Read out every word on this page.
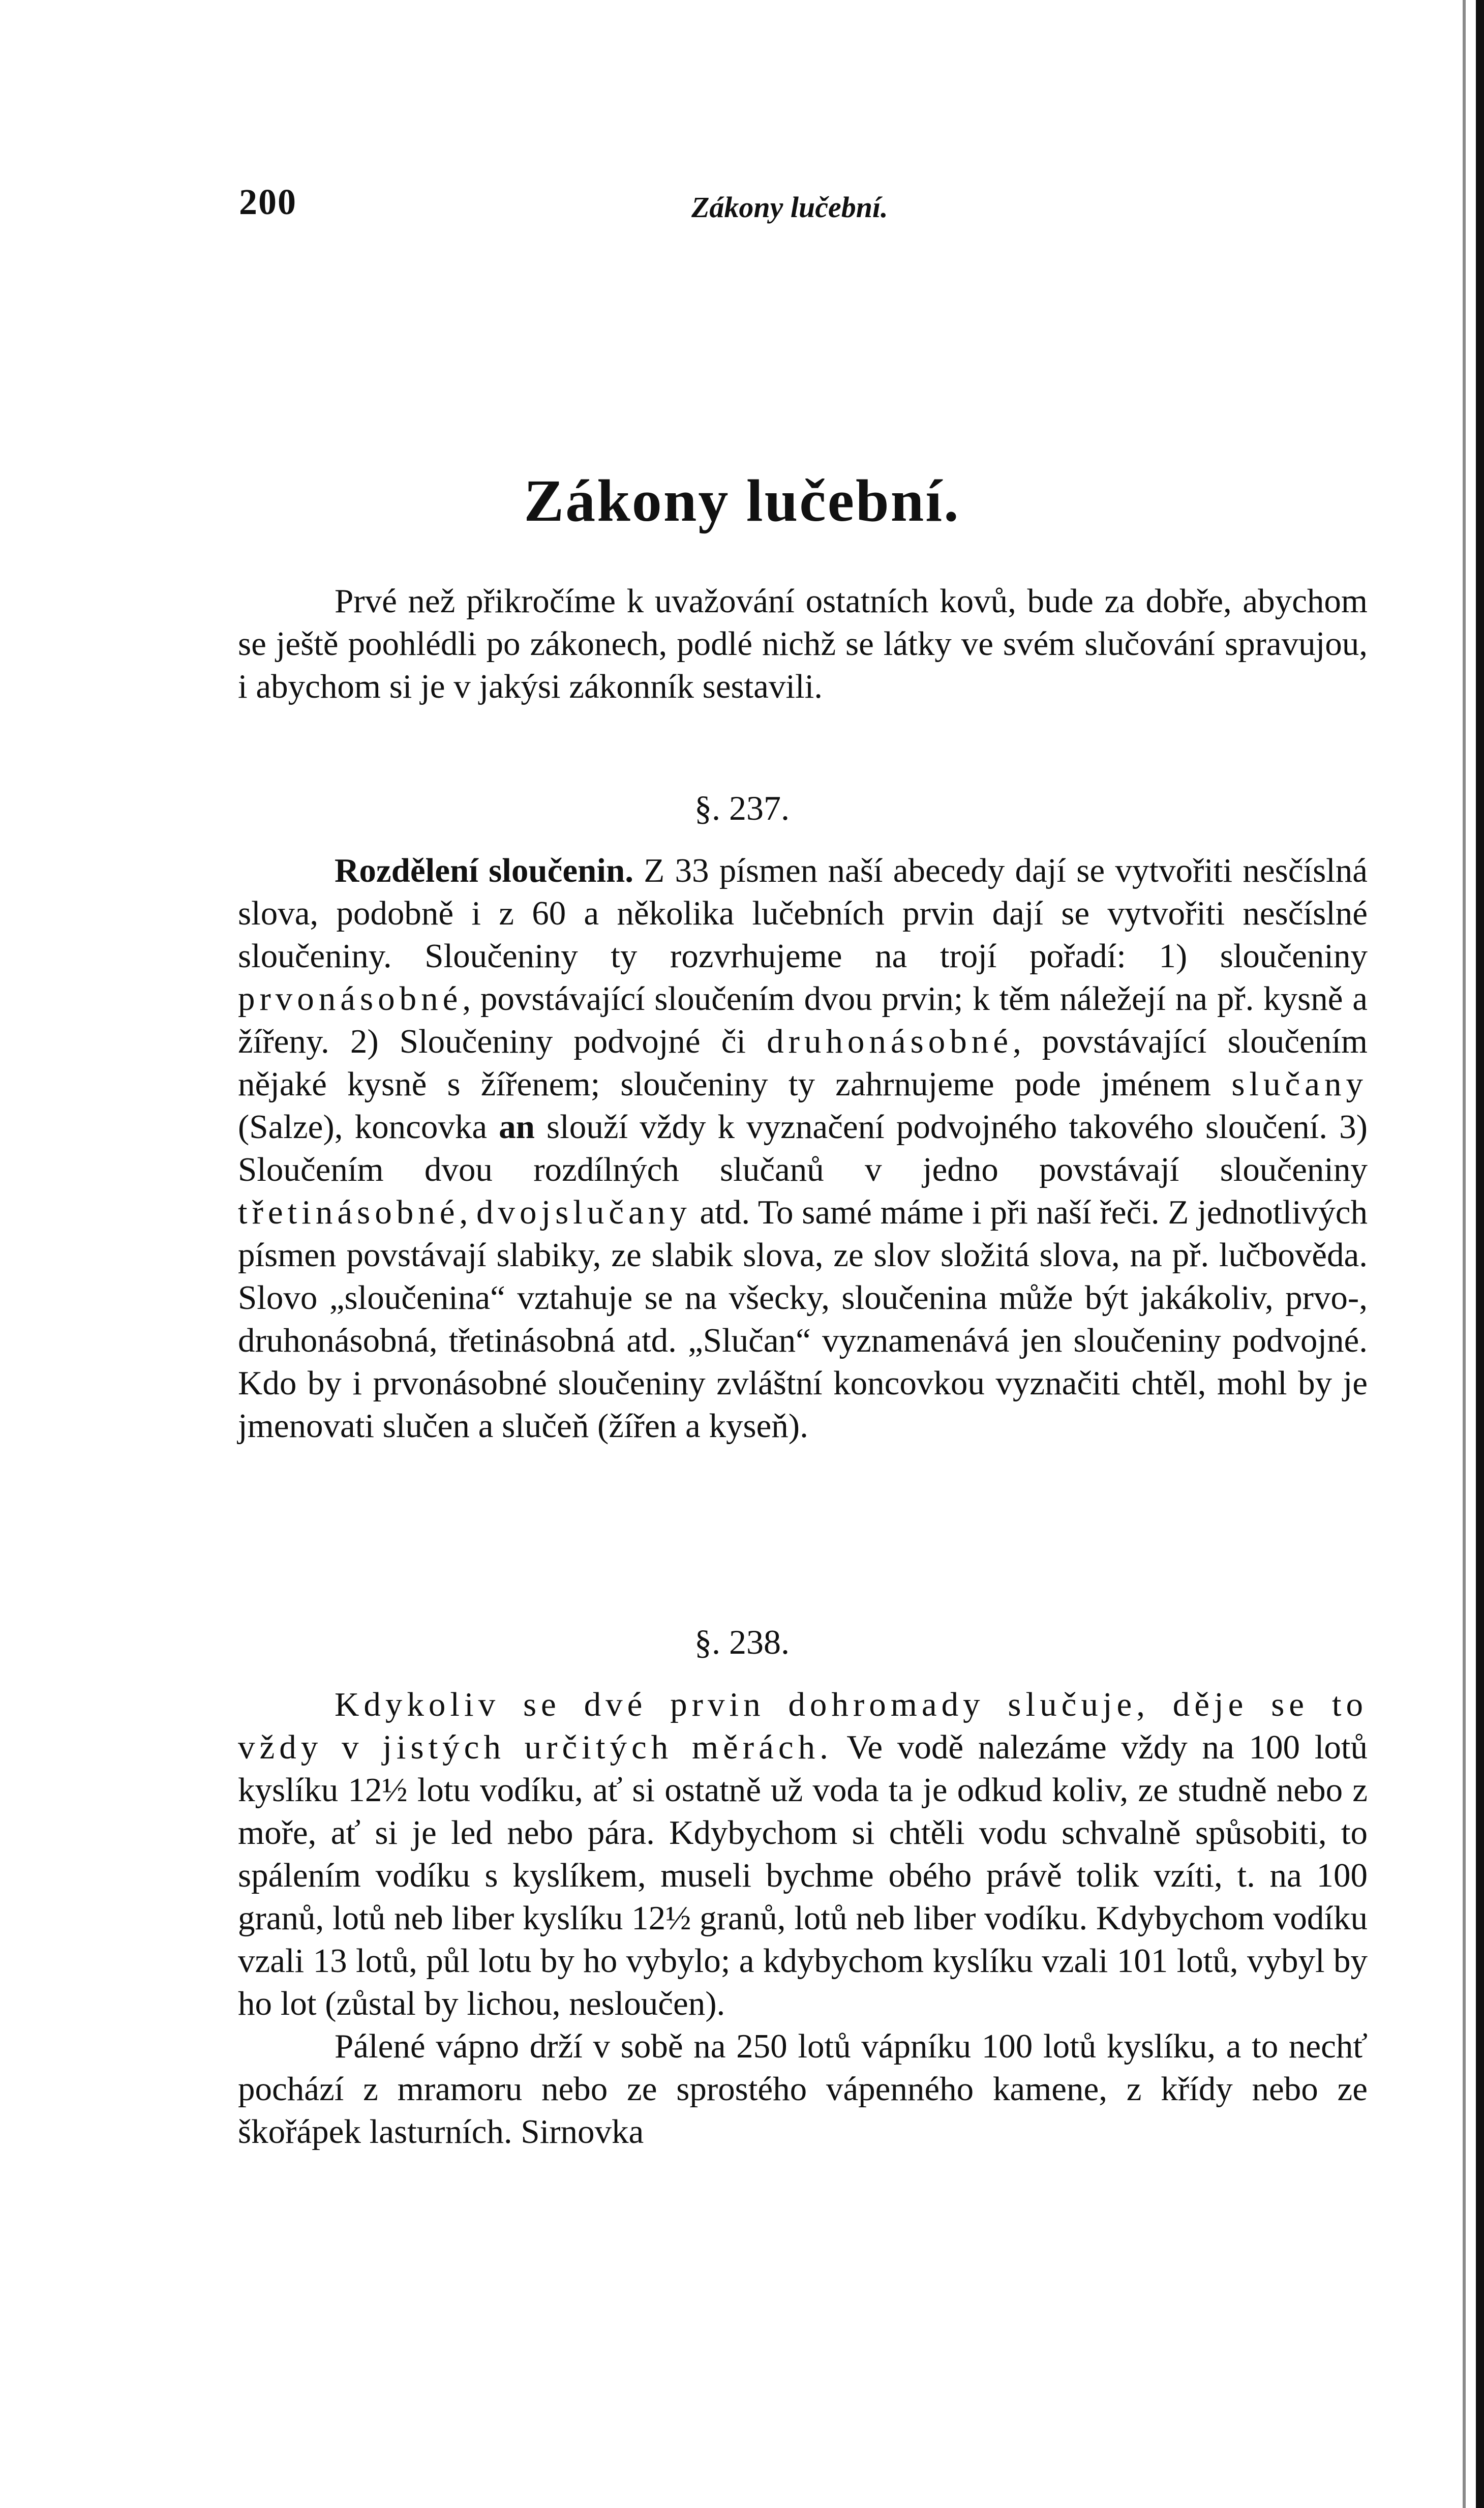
200	Zákony lučební.
Zákony lučební.

Prvé než přikročíme k uvažování ostatních kovů, bude za dobře, abychom se ještě poohlédli po zákonech, podlé nichž se látky ve svém slučování spravujou, i abychom si je v jakýsi zákonník sestavili.

§. 237.

Rozdělení sloučenin. Z 33 písmen naší abecedy dají se vytvořiti nesčíslná slova, podobně i z 60 a několika lučebních prvin dají se vytvořiti nesčíslné sloučeniny. Sloučeniny ty rozvrhujeme na trojí pořadí: 1) sloučeniny prvonásobné, povstávající sloučením dvou prvin; k těm náležejí na př. kysně a žířeny. 2) Sloučeniny podvojné či druhonásobné, povstávající sloučením nějaké kysně s žířenem; sloučeniny ty zahrnujeme pode jménem slučany (Salze), koncovka an slouží vždy k vyznačení podvojného takového sloučení. 3) Sloučením dvou rozdílných slučanů v jedno povstávají sloučeniny třetinásobné, dvojslučany atd. To samé máme i při naší řeči. Z jednotlivých písmen povstávají slabiky, ze slabik slova, ze slov složitá slova, na př. lučbověda. Slovo „sloučenina“ vztahuje se na všecky, sloučenina může být jakákoliv, prvo-, druhonásobná, třetinásobná atd. „Slučan“ vyznamenává jen sloučeniny podvojné. Kdo by i prvonásobné sloučeniny zvláštní koncovkou vyznačiti chtěl, mohl by je jmenovati slučen a slučeň (žířen a kyseň).

§. 238.

Kdykoliv se dvé prvin dohromady slučuje, děje se to vždy v jistých určitých měrách. Ve vodě nalezáme vždy na 100 lotů kyslíku 12½ lotu vodíku, ať si ostatně už voda ta je odkud koliv, ze studně nebo z moře, ať si je led nebo pára. Kdybychom si chtěli vodu schvalně spůsobiti, to spálením vodíku s kyslíkem, museli bychme obého právě tolik vzíti, t. na 100 granů, lotů neb liber kyslíku 12½ granů, lotů neb liber vodíku. Kdybychom vodíku vzali 13 lotů, půl lotu by ho vybylo; a kdybychom kyslíku vzali 101 lotů, vybyl by ho lot (zůstal by lichou, nesloučen).

Pálené vápno drží v sobě na 250 lotů vápníku 100 lotů kyslíku, a to nechť pochází z mramoru nebo ze sprostého vápenného kamene, z křídy nebo ze škořápek lasturních. Sirnovka
